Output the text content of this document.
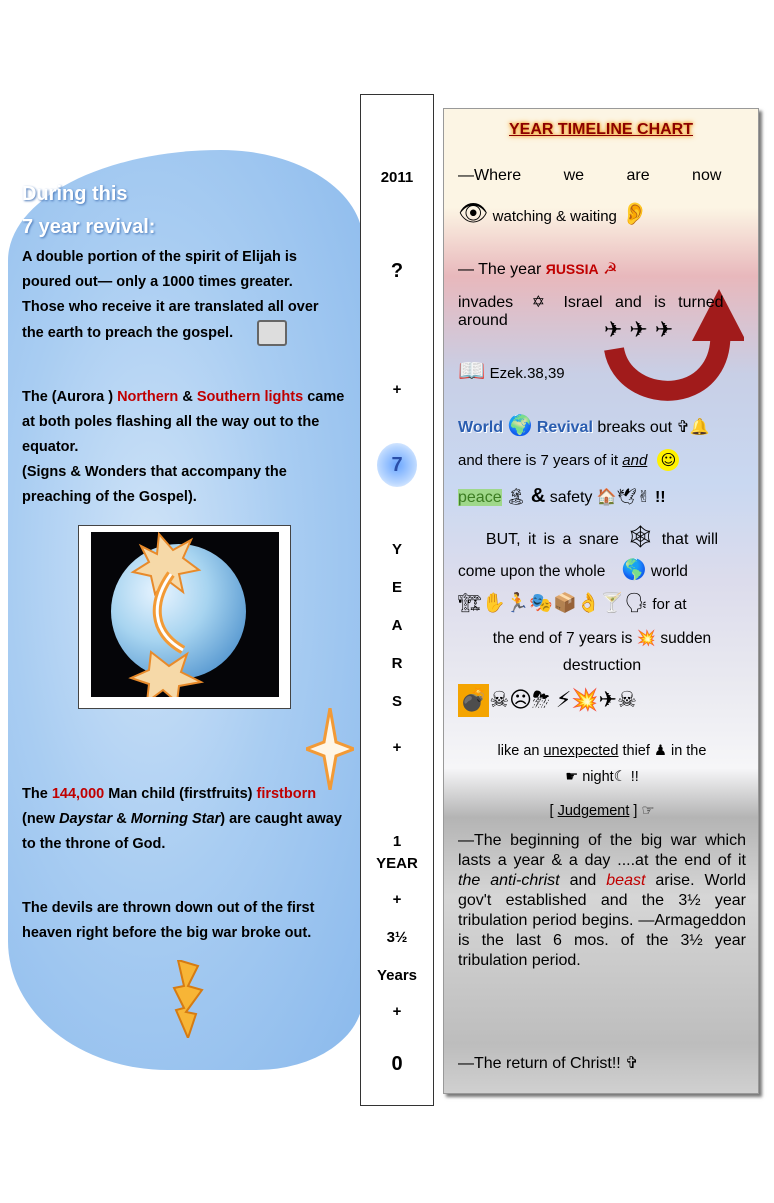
During this
7 year revival:
A double portion of the spirit of Elijah is poured out— only a 1000 times greater. Those who receive it are translated all over the earth to preach the gospel.
The (Aurora ) Northern & Southern lights came at both poles flashing all the way out to the equator.
(Signs & Wonders that accompany the preaching of the Gospel).
The 144,000 Man child (firstfruits) firstborn (new Daystar & Morning Star) are caught away to the throne of God.
The devils are thrown down out of the first heaven right before the big war broke out.
2011
?
+
7
Y
E
A
R
S
+
1
YEAR
+
3½
Years
+
0
YEAR TIMELINE CHART
—Where we are now
👁 watching & waiting 👂
— The year ЯUSSIA ☭
invades ✡ Israel and is turned around	✈ ✈ ✈
📖 Ezek.38,39
World 🌍 Revival breaks out ✞🔔
and there is 7 years of it and ☺
peace 🏝 & safety 🏠🕊✌ !!
BUT, it is a snare 🕸 that will
come upon the whole 🌎 world
🏗✋🏃🎭📦👌🍸🗣 for at
the end of 7 years is 💥 sudden
destruction
💣☠☹⛈ ⚡💥✈☠
like an unexpected thief ♟ in the
☛ night☾ !!
[ Judgement ] ☞
—The beginning of the big war which lasts a year & a day ....at the end of it the anti-christ and beast arise. World gov't established and the 3½ year tribulation period begins. —Armageddon is the last 6 mos. of the 3½ year tribulation period.
—The return of Christ!! ✞
